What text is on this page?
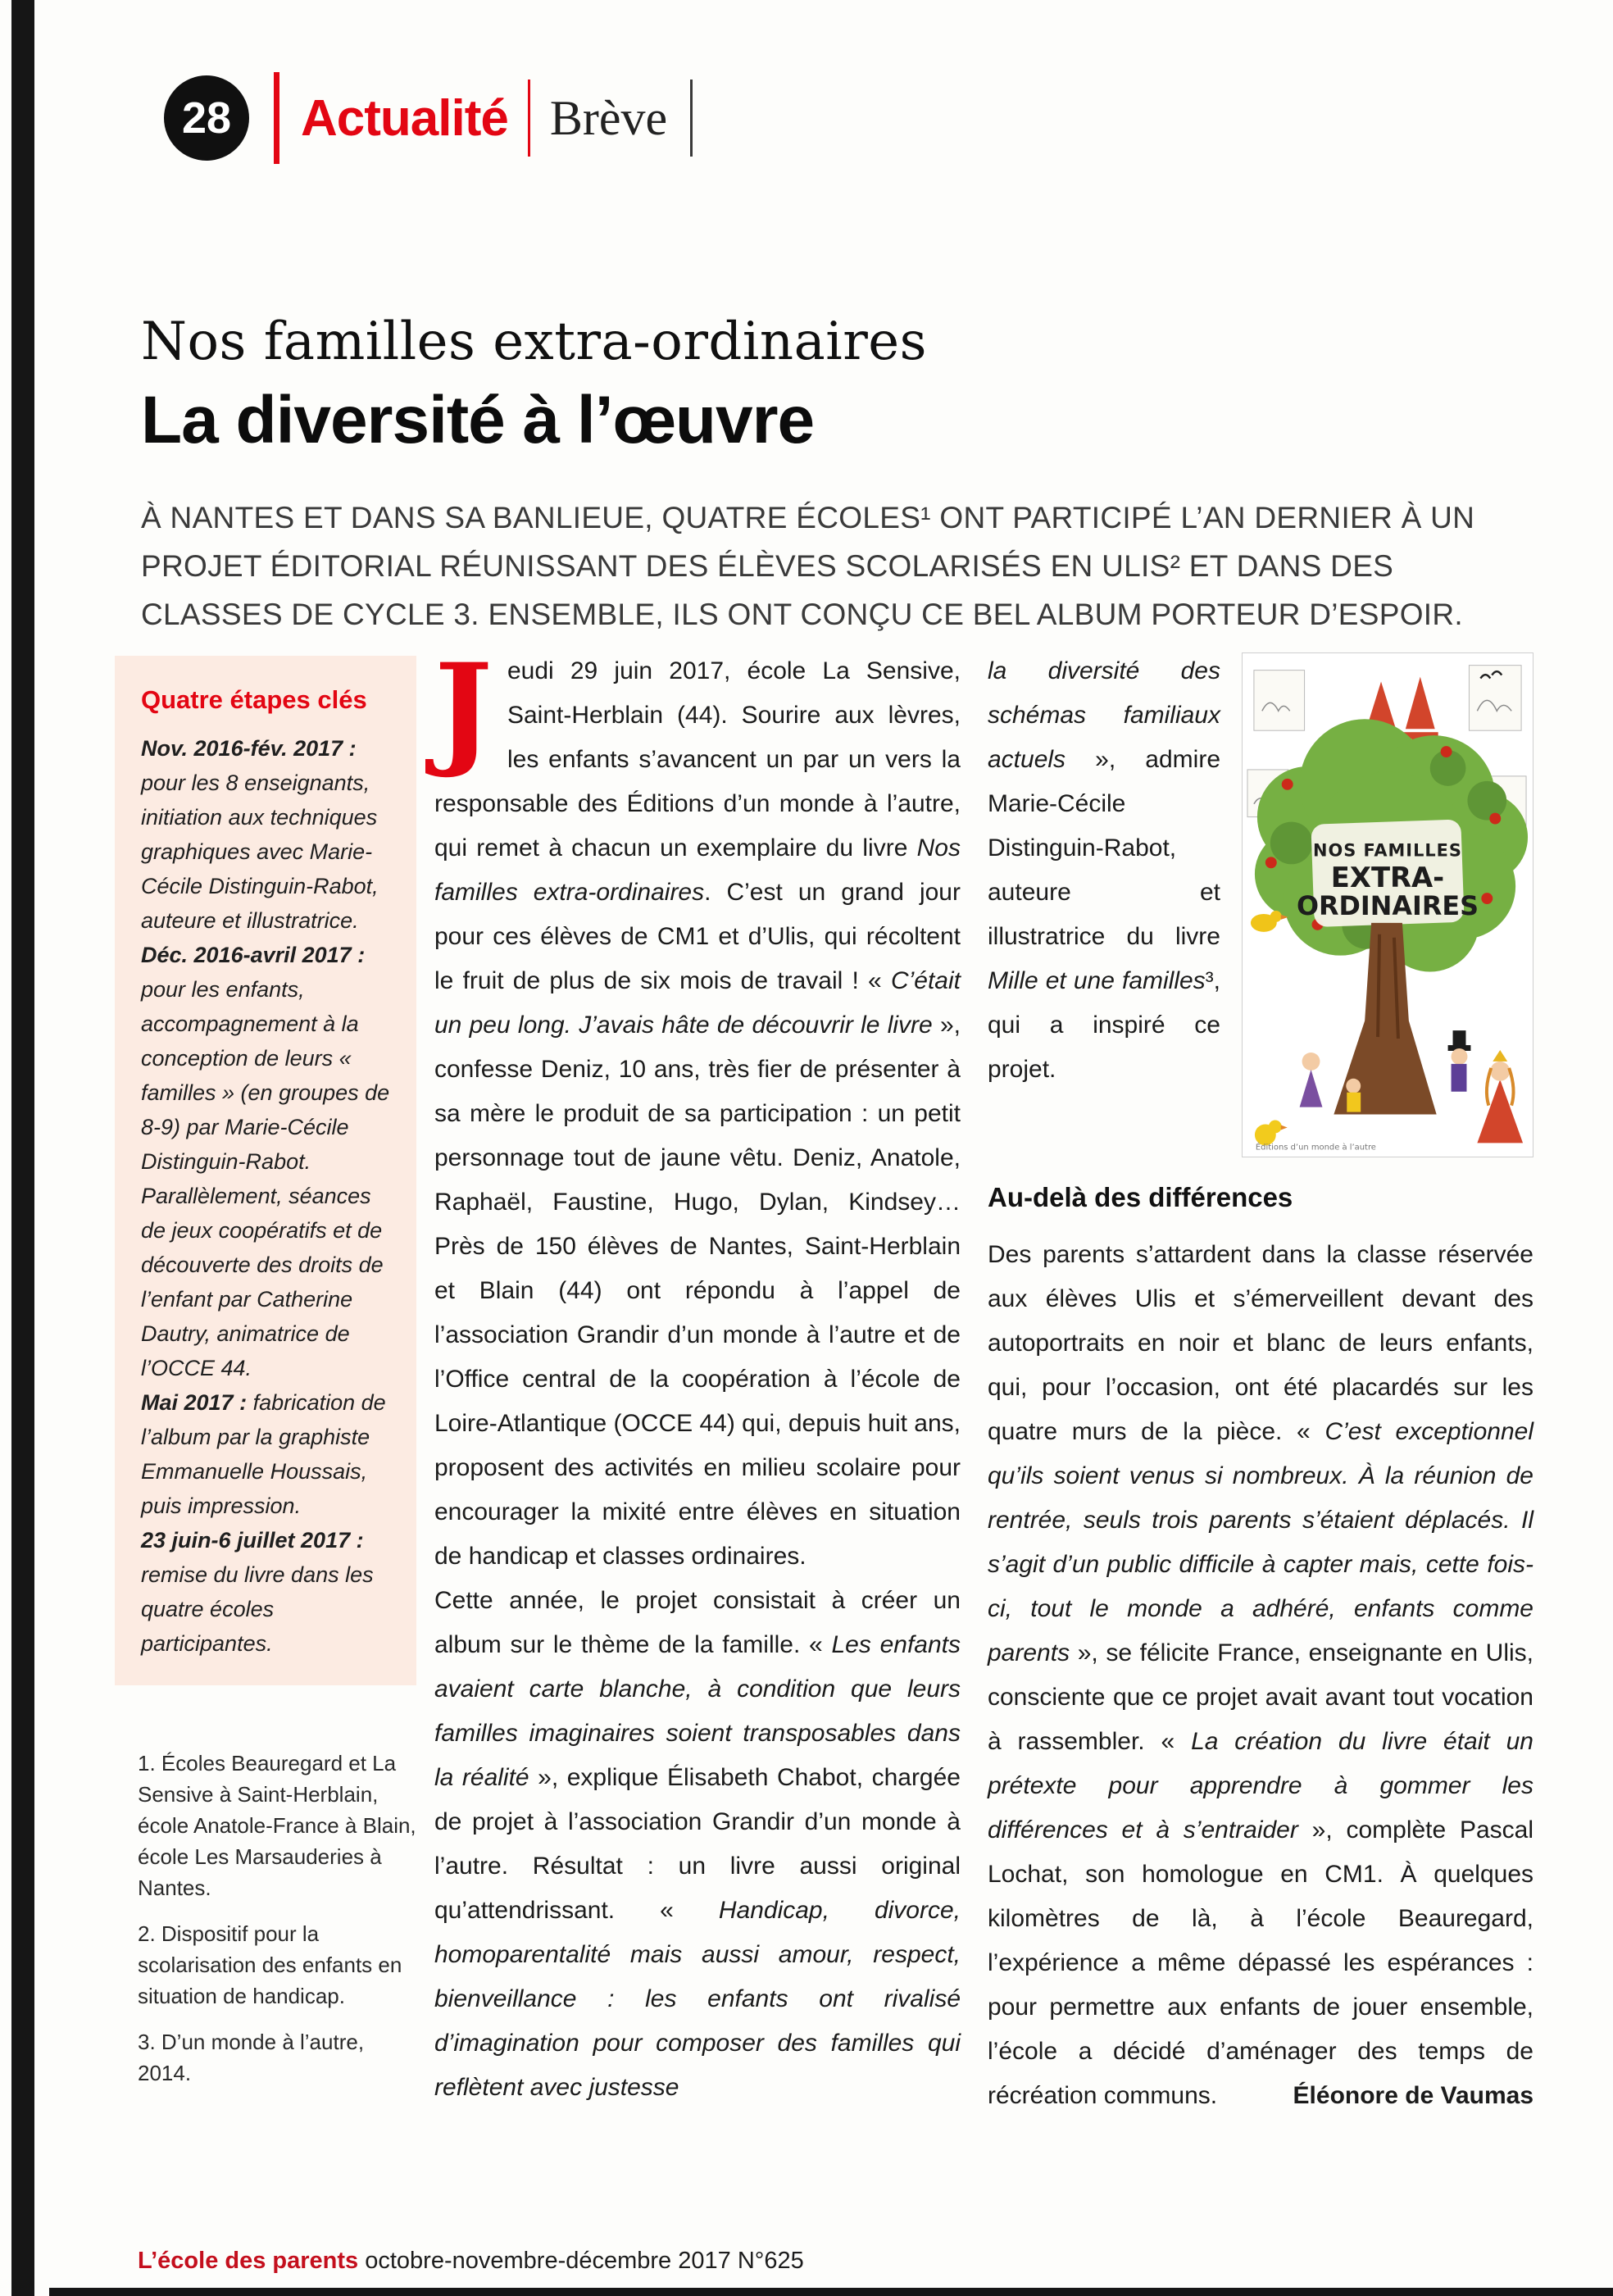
28	Actualité Brève
Nos familles extra-ordinaires
La diversité à l’œuvre
À NANTES ET DANS SA BANLIEUE, QUATRE ÉCOLES¹ ONT PARTICIPÉ L’AN DERNIER À UN PROJET ÉDITORIAL RÉUNISSANT DES ÉLÈVES SCOLARISÉS EN ULIS² ET DANS DES CLASSES DE CYCLE 3. ENSEMBLE, ILS ONT CONÇU CE BEL ALBUM PORTEUR D’ESPOIR.

Quatre étapes clés

Nov. 2016-fév. 2017 : pour les 8 enseignants, initiation aux techniques graphiques avec Marie-Cécile Distinguin-Rabot, auteure et illustratrice.

Déc. 2016-avril 2017 : pour les enfants, accompagnement à la conception de leurs « familles » (en groupes de 8-9) par Marie-Cécile Distinguin-Rabot. Parallèlement, séances de jeux coopératifs et de découverte des droits de l’enfant par Catherine Dautry, animatrice de l’OCCE 44.

Mai 2017 : fabrication de l’album par la graphiste Emmanuelle Houssais, puis impression.

23 juin-6 juillet 2017 : remise du livre dans les quatre écoles participantes.

1. Écoles Beauregard et La Sensive à Saint-Herblain, école Anatole-France à Blain, école Les Marsauderies à Nantes.

2. Dispositif pour la scolarisation des enfants en situation de handicap.

3. D’un monde à l’autre, 2014.

Jeudi 29 juin 2017, école La Sensive, Saint-Herblain (44). Sourire aux lèvres, les enfants s’avancent un par un vers la responsable des Éditions d’un monde à l’autre, qui remet à chacun un exemplaire du livre Nos familles extra-ordinaires. C’est un grand jour pour ces élèves de CM1 et d’Ulis, qui récoltent le fruit de plus de six mois de travail ! « C’était un peu long. J’avais hâte de découvrir le livre », confesse Deniz, 10 ans, très fier de présenter à sa mère le produit de sa participation : un petit personnage tout de jaune vêtu. Deniz, Anatole, Raphaël, Faustine, Hugo, Dylan, Kindsey… Près de 150 élèves de Nantes, Saint-Herblain et Blain (44) ont répondu à l’appel de l’association Grandir d’un monde à l’autre et de l’Office central de la coopération à l’école de Loire-Atlantique (OCCE 44) qui, depuis huit ans, proposent des activités en milieu scolaire pour encourager la mixité entre élèves en situation de handicap et classes ordinaires.

Cette année, le projet consistait à créer un album sur le thème de la famille. « Les enfants avaient carte blanche, à condition que leurs familles imaginaires soient transposables dans la réalité », explique Élisabeth Chabot, chargée de projet à l’association Grandir d’un monde à l’autre. Résultat : un livre aussi original qu’attendrissant. « Handicap, divorce, homoparentalité mais aussi amour, respect, bienveillance : les enfants ont rivalisé d’imagination pour composer des familles qui reflètent avec justesse

NOS FAMILLES
EXTRA-
ORDINAIRES
Éditions d’un monde à l’autre

la diversité des schémas familiaux actuels », admire Marie-Cécile Distinguin-Rabot, auteure et illustratrice du livre Mille et une familles³, qui a inspiré ce projet.

Au-delà des différences

Des parents s’attardent dans la classe réservée aux élèves Ulis et s’émerveillent devant des autoportraits en noir et blanc de leurs enfants, qui, pour l’occasion, ont été placardés sur les quatre murs de la pièce. « C’est exceptionnel qu’ils soient venus si nombreux. À la réunion de rentrée, seuls trois parents s’étaient déplacés. Il s’agit d’un public difficile à capter mais, cette fois-ci, tout le monde a adhéré, enfants comme parents », se félicite France, enseignante en Ulis, consciente que ce projet avait avant tout vocation à rassembler. « La création du livre était un prétexte pour apprendre à gommer les différences et à s’entraider », complète Pascal Lochat, son homologue en CM1. À quelques kilomètres de là, à l’école Beauregard, l’expérience a même dépassé les espérances : pour permettre aux enfants de jouer ensemble, l’école a décidé d’aménager des temps de récréation communs.	Éléonore de Vaumas

L’école des parents octobre-novembre-décembre 2017 N°625
